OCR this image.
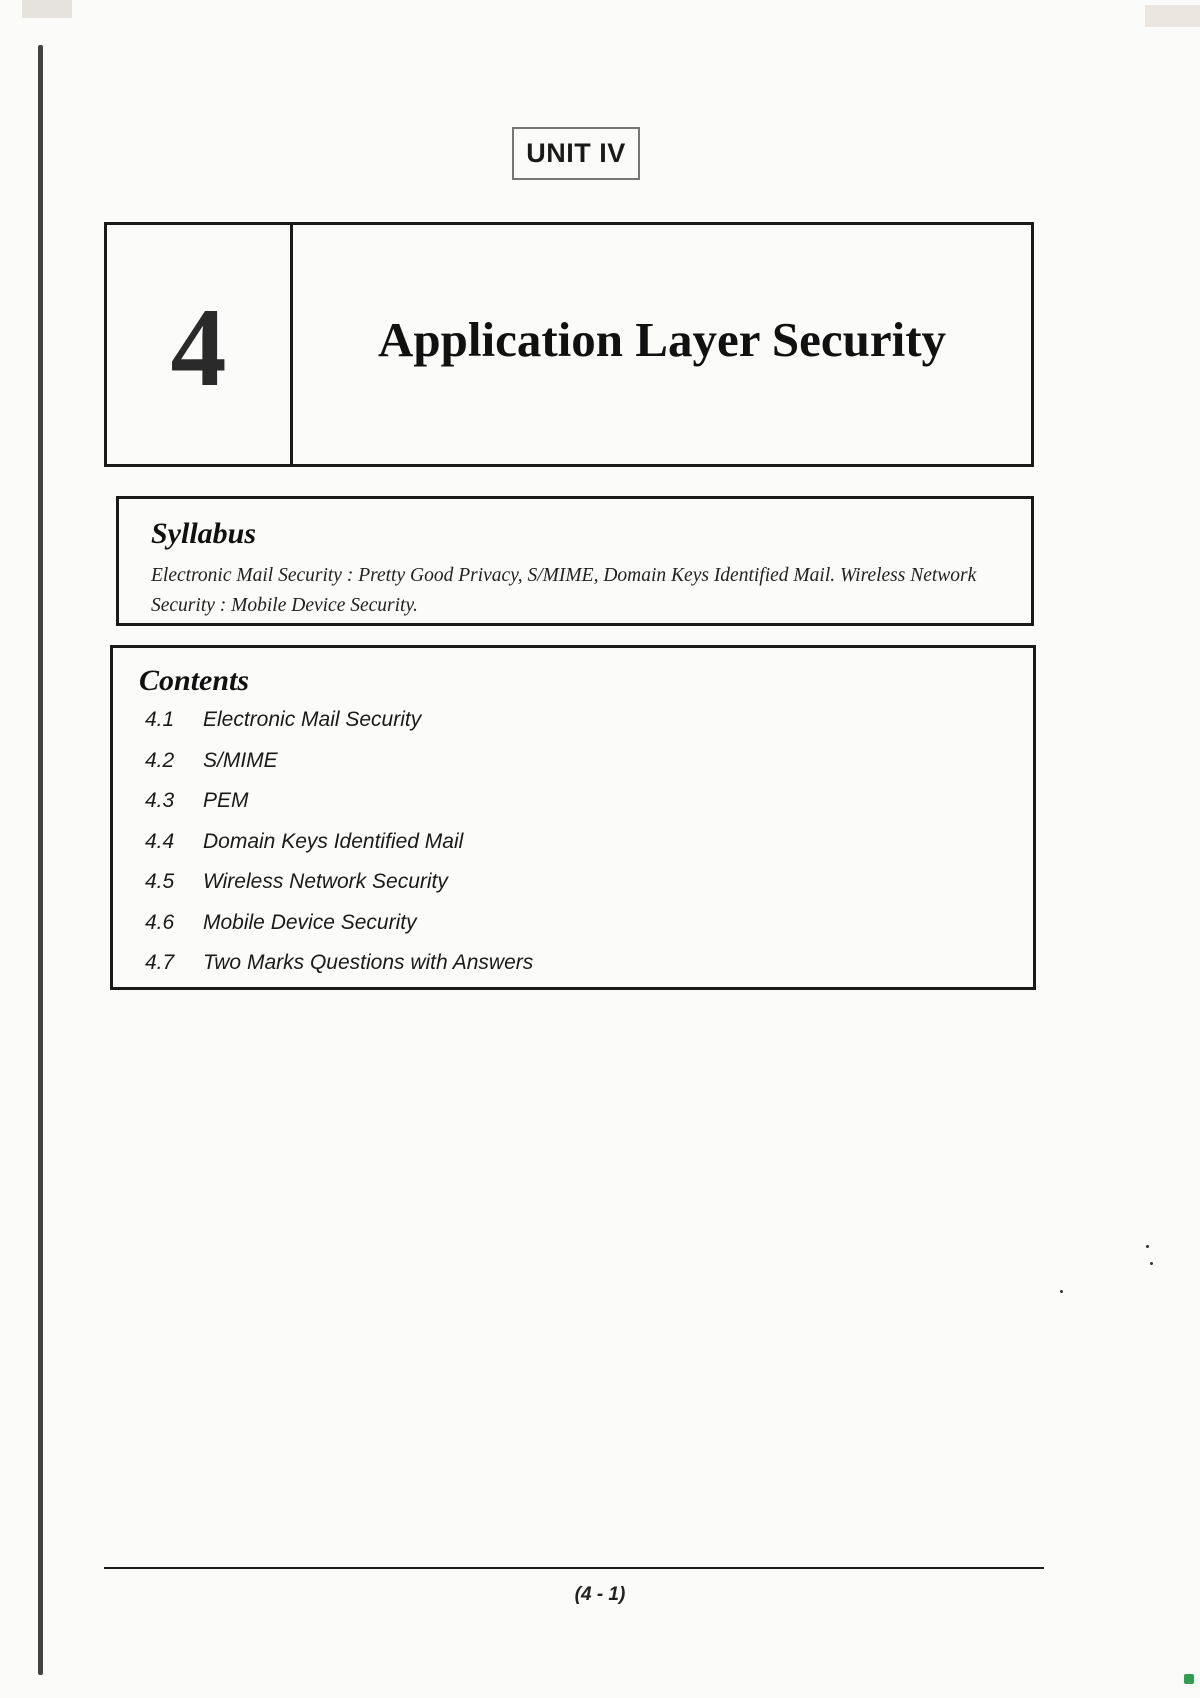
UNIT IV
4	Application Layer Security
Syllabus

Electronic Mail Security : Pretty Good Privacy, S/MIME, Domain Keys Identified Mail. Wireless Network Security : Mobile Device Security.

Contents
4.1	Electronic Mail Security
4.2	S/MIME
4.3	PEM
4.4	Domain Keys Identified Mail
4.5	Wireless Network Security
4.6	Mobile Device Security
4.7	Two Marks Questions with Answers
(4 - 1)
